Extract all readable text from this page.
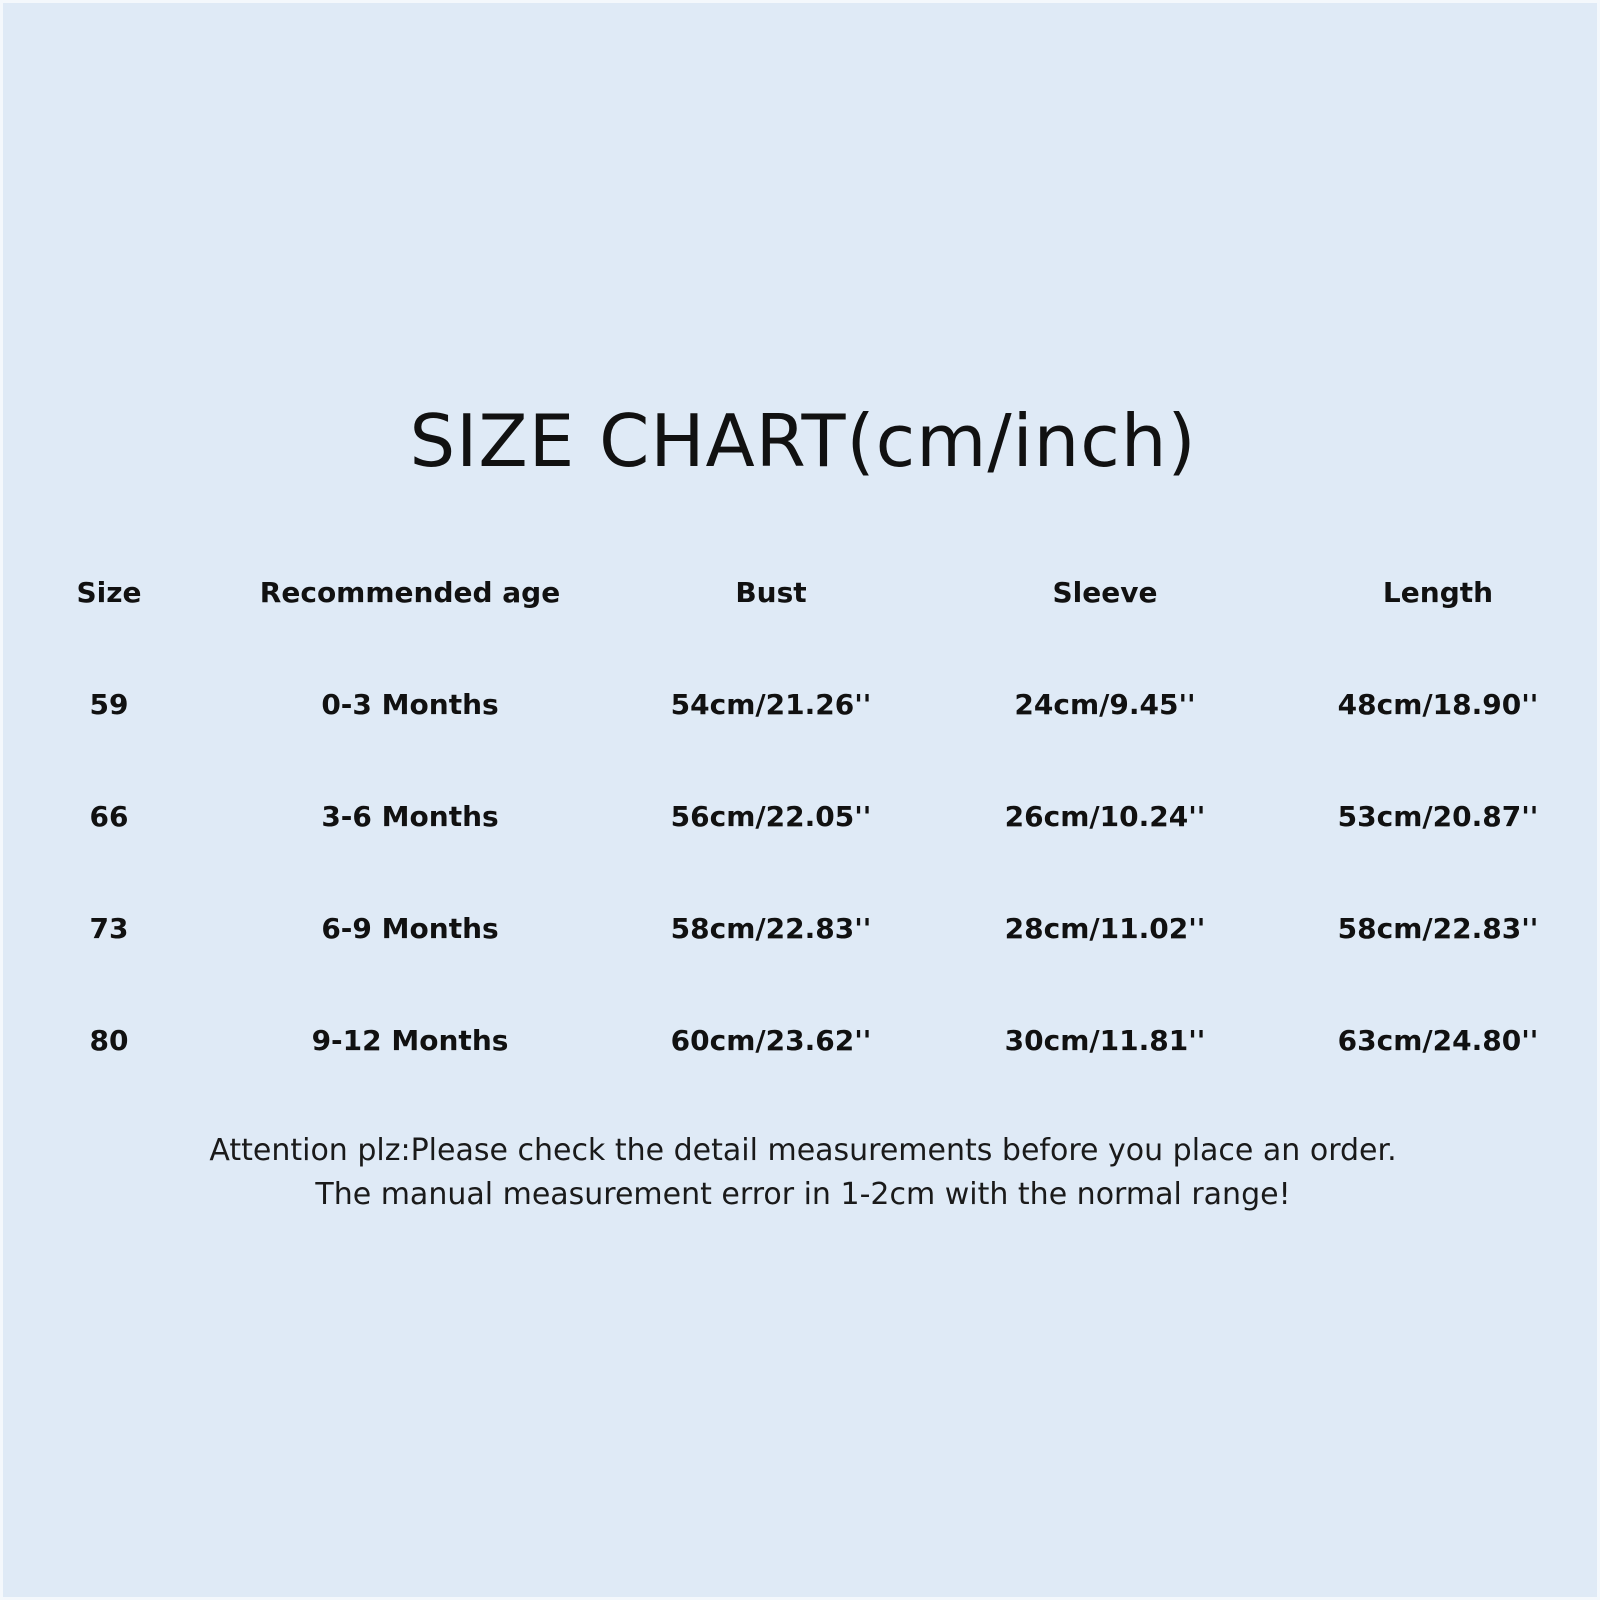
SIZE CHART(cm/inch)
Size	Recommended age	Bust	Sleeve	Length
59	0-3 Months	54cm/21.26''	24cm/9.45''	48cm/18.90''
66	3-6 Months	56cm/22.05''	26cm/10.24''	53cm/20.87''
73	6-9 Months	58cm/22.83''	28cm/11.02''	58cm/22.83''
80	9-12 Months	60cm/23.62''	30cm/11.81''	63cm/24.80''
Attention plz:Please check the detail measurements before you place an order.
The manual measurement error in 1-2cm with the normal range!
